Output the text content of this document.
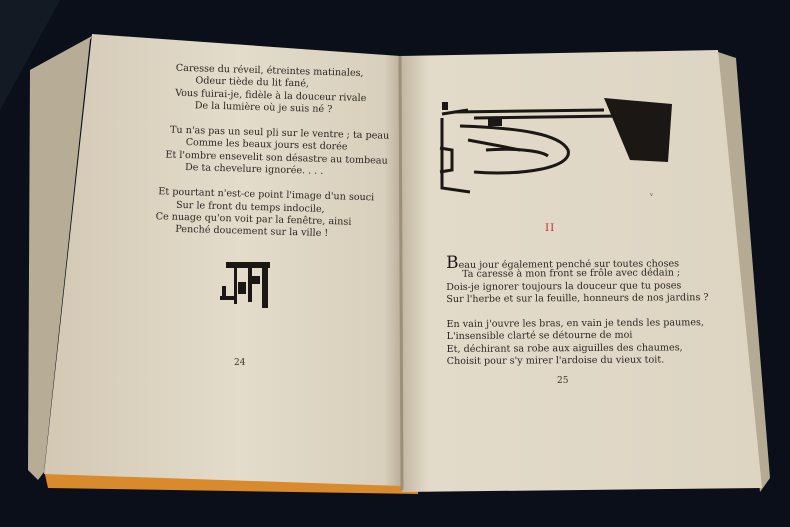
v
Caresse du réveil, étreintes matinales,
Odeur tiède du lit fané,
Vous fuirai-je, fidèle à la douceur rivale
De la lumière où je suis né ?
Tu n'as pas un seul pli sur le ventre ; ta peau
Comme les beaux jours est dorée
Et l'ombre ensevelit son désastre au tombeau
De ta chevelure ignorée. . . .
Et pourtant n'est-ce point l'image d'un souci
Sur le front du temps indocile,
Ce nuage qu'on voit par la fenêtre, ainsi
Penché doucement sur la ville !
24
II
Beau jour également penché sur toutes choses
Ta caresse à mon front se frôle avec dédain ;
Dois-je ignorer toujours la douceur que tu poses
Sur l'herbe et sur la feuille, honneurs de nos jardins ?
En vain j'ouvre les bras, en vain je tends les paumes,
L'insensible clarté se détourne de moi
Et, déchirant sa robe aux aiguilles des chaumes,
Choisit pour s'y mirer l'ardoise du vieux toit.
25
